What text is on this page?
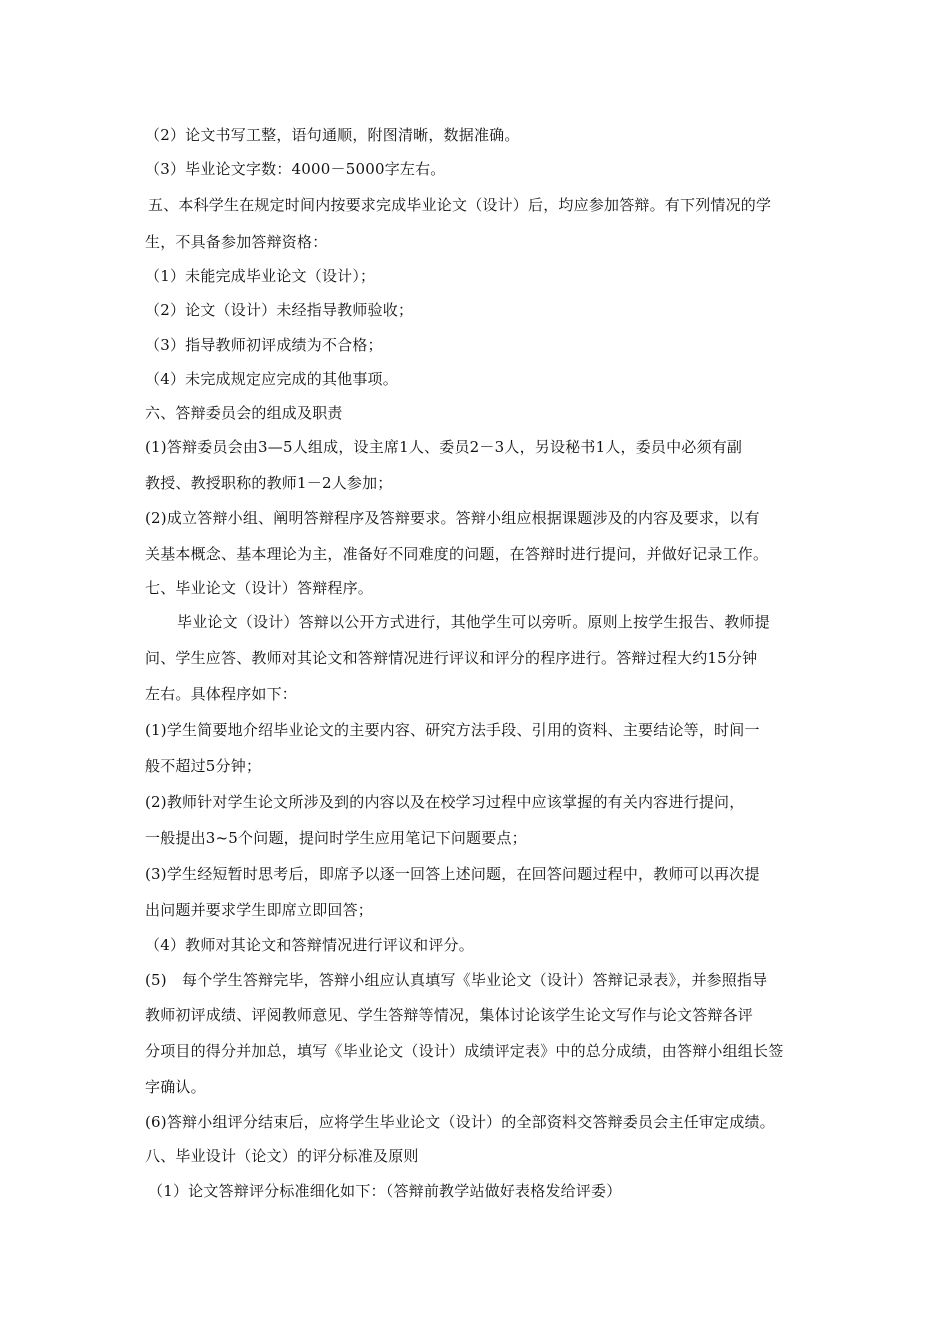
（2）论文书写工整，语句通顺，附图清晰，数据准确。
（3）毕业论文字数：4000－5000字左右。
五、本科学生在规定时间内按要求完成毕业论文（设计）后，均应参加答辩。有下列情况的学
生，不具备参加答辩资格：
（1）未能完成毕业论文（设计）；
（2）论文（设计）未经指导教师验收；
（3）指导教师初评成绩为不合格；
（4）未完成规定应完成的其他事项。
六、答辩委员会的组成及职责
(1)答辩委员会由3—5人组成，设主席1人、委员2－3人，另设秘书1人，委员中必须有副
教授、教授职称的教师1－2人参加；
(2)成立答辩小组、阐明答辩程序及答辩要求。答辩小组应根据课题涉及的内容及要求，以有
关基本概念、基本理论为主，准备好不同难度的问题，在答辩时进行提问，并做好记录工作。
七、毕业论文（设计）答辩程序。
毕业论文（设计）答辩以公开方式进行，其他学生可以旁听。原则上按学生报告、教师提
问、学生应答、教师对其论文和答辩情况进行评议和评分的程序进行。答辩过程大约15分钟
左右。具体程序如下：
(1)学生简要地介绍毕业论文的主要内容、研究方法手段、引用的资料、主要结论等，时间一
般不超过5分钟；
(2)教师针对学生论文所涉及到的内容以及在校学习过程中应该掌握的有关内容进行提问，
一般提出3~5个问题，提问时学生应用笔记下问题要点；
(3)学生经短暂时思考后，即席予以逐一回答上述问题，在回答问题过程中，教师可以再次提
出问题并要求学生即席立即回答；
（4）教师对其论文和答辩情况进行评议和评分。
(5)　每个学生答辩完毕，答辩小组应认真填写《毕业论文（设计）答辩记录表》，并参照指导
教师初评成绩、评阅教师意见、学生答辩等情况，集体讨论该学生论文写作与论文答辩各评
分项目的得分并加总，填写《毕业论文（设计）成绩评定表》中的总分成绩，由答辩小组组长签
字确认。
(6)答辩小组评分结束后，应将学生毕业论文（设计）的全部资料交答辩委员会主任审定成绩。
八、毕业设计（论文）的评分标准及原则
（1）论文答辩评分标准细化如下：（答辩前教学站做好表格发给评委）
